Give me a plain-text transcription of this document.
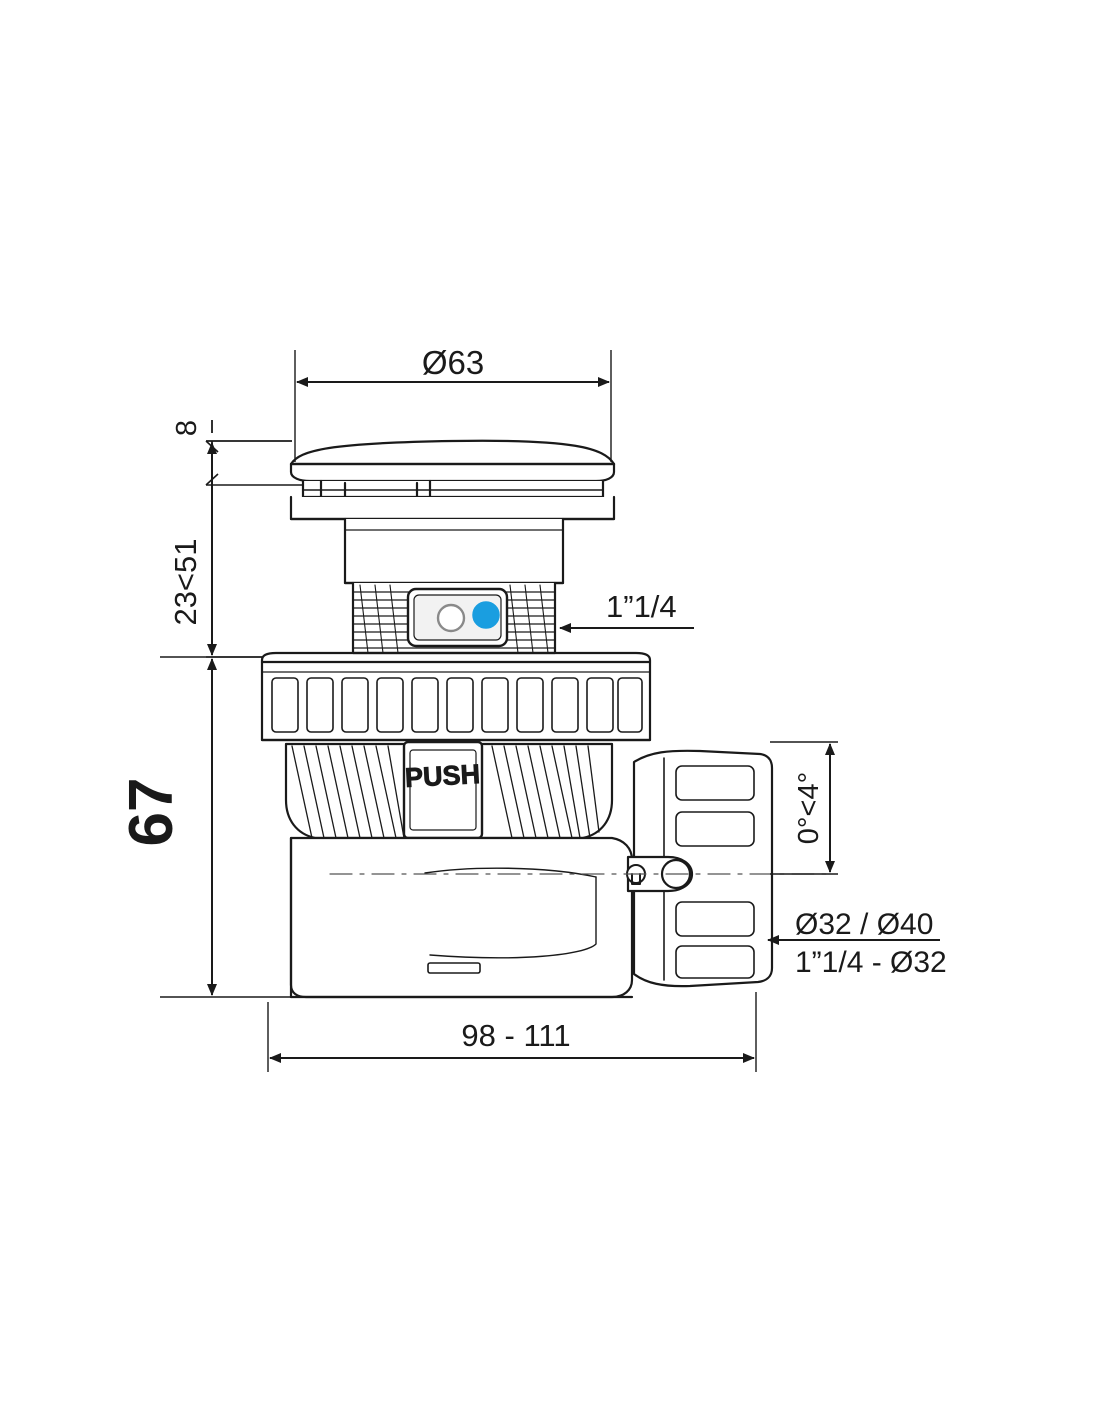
Ø63
8
23<51
67
1”1/4
0°<4°
Ø32 / Ø40
1”1/4 - Ø32
98 - 111
PUSH
